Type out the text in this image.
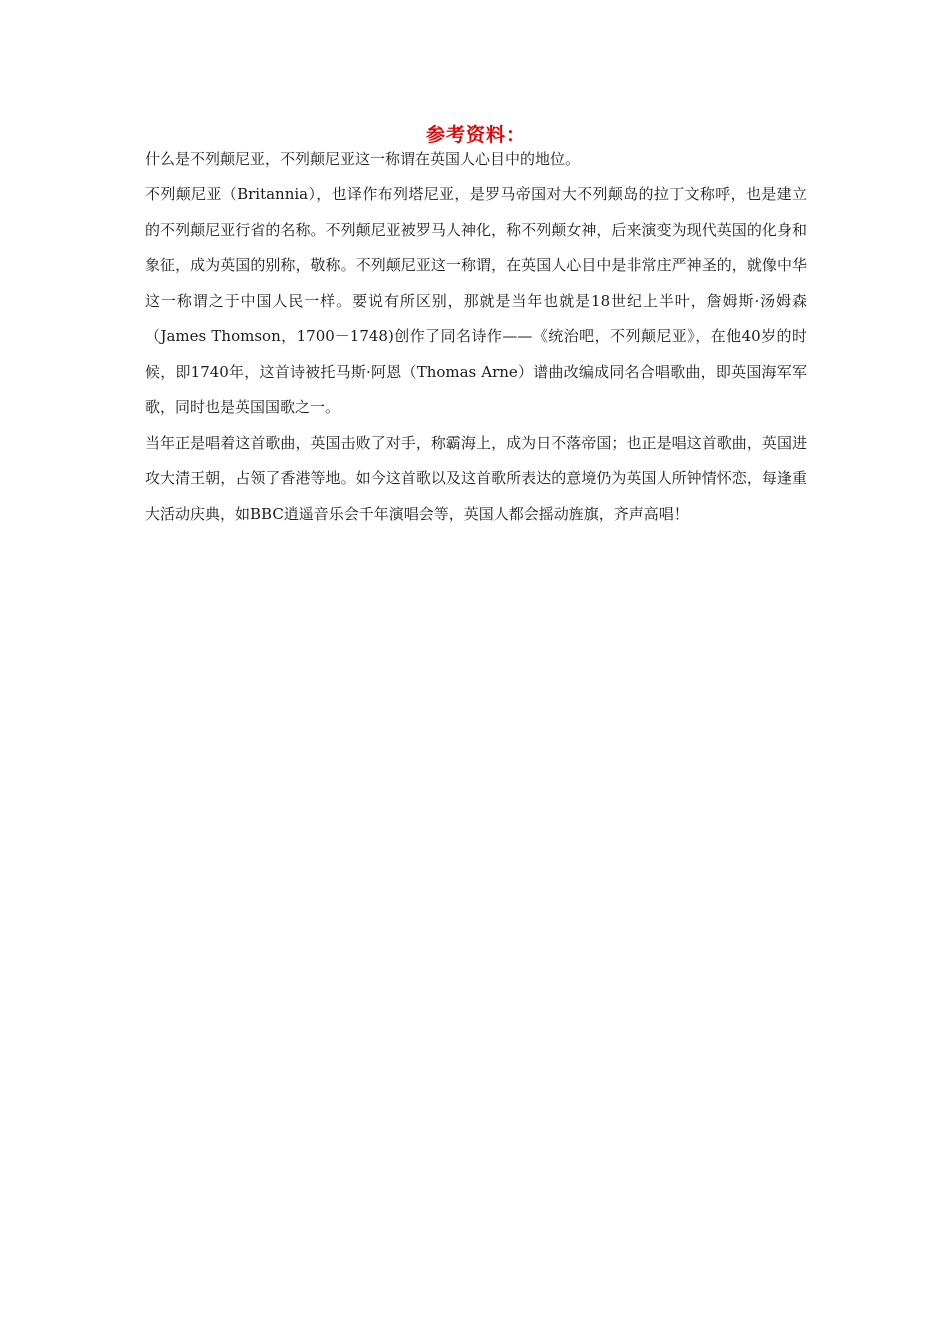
参考资料：

什么是不列颠尼亚，不列颠尼亚这一称谓在英国人心目中的地位。

不列颠尼亚（Britannia），也译作布列塔尼亚，是罗马帝国对大不列颠岛的拉丁文称呼，也是建立的不列颠尼亚行省的名称。不列颠尼亚被罗马人神化，称不列颠女神，后来演变为现代英国的化身和象征，成为英国的别称，敬称。不列颠尼亚这一称谓，在英国人心目中是非常庄严神圣的，就像中华这一称谓之于中国人民一样。要说有所区别，那就是当年也就是18世纪上半叶，詹姆斯·汤姆森（James Thomson，1700－1748)创作了同名诗作——《统治吧，不列颠尼亚》，在他40岁的时候，即1740年，这首诗被托马斯·阿恩（Thomas Arne）谱曲改编成同名合唱歌曲，即英国海军军歌，同时也是英国国歌之一。

当年正是唱着这首歌曲，英国击败了对手，称霸海上，成为日不落帝国；也正是唱这首歌曲，英国进攻大清王朝，占领了香港等地。如今这首歌以及这首歌所表达的意境仍为英国人所钟情怀恋，每逢重大活动庆典，如BBC逍遥音乐会千年演唱会等，英国人都会摇动旌旗，齐声高唱！
